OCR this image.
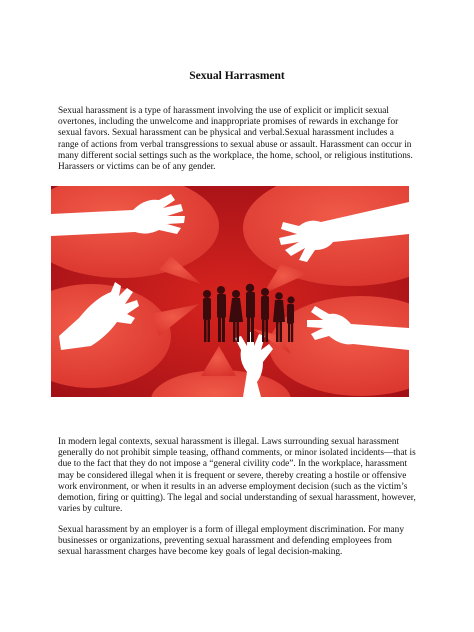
Sexual Harrasment

Sexual harassment is a type of harassment involving the use of explicit or implicit sexual overtones, including the unwelcome and inappropriate promises of rewards in exchange for sexual favors. Sexual harassment can be physical and verbal.Sexual harassment includes a range of actions from verbal transgressions to sexual abuse or assault. Harassment can occur in many different social settings such as the workplace, the home, school, or religious institutions. Harassers or victims can be of any gender.

In modern legal contexts, sexual harassment is illegal. Laws surrounding sexual harassment generally do not prohibit simple teasing, offhand comments, or minor isolated incidents—that is due to the fact that they do not impose a “general civility code”. In the workplace, harassment may be considered illegal when it is frequent or severe, thereby creating a hostile or offensive work environment, or when it results in an adverse employment decision (such as the victim’s demotion, firing or quitting). The legal and social understanding of sexual harassment, however, varies by culture.

Sexual harassment by an employer is a form of illegal employment discrimination. For many businesses or organizations, preventing sexual harassment and defending employees from sexual harassment charges have become key goals of legal decision-making.
